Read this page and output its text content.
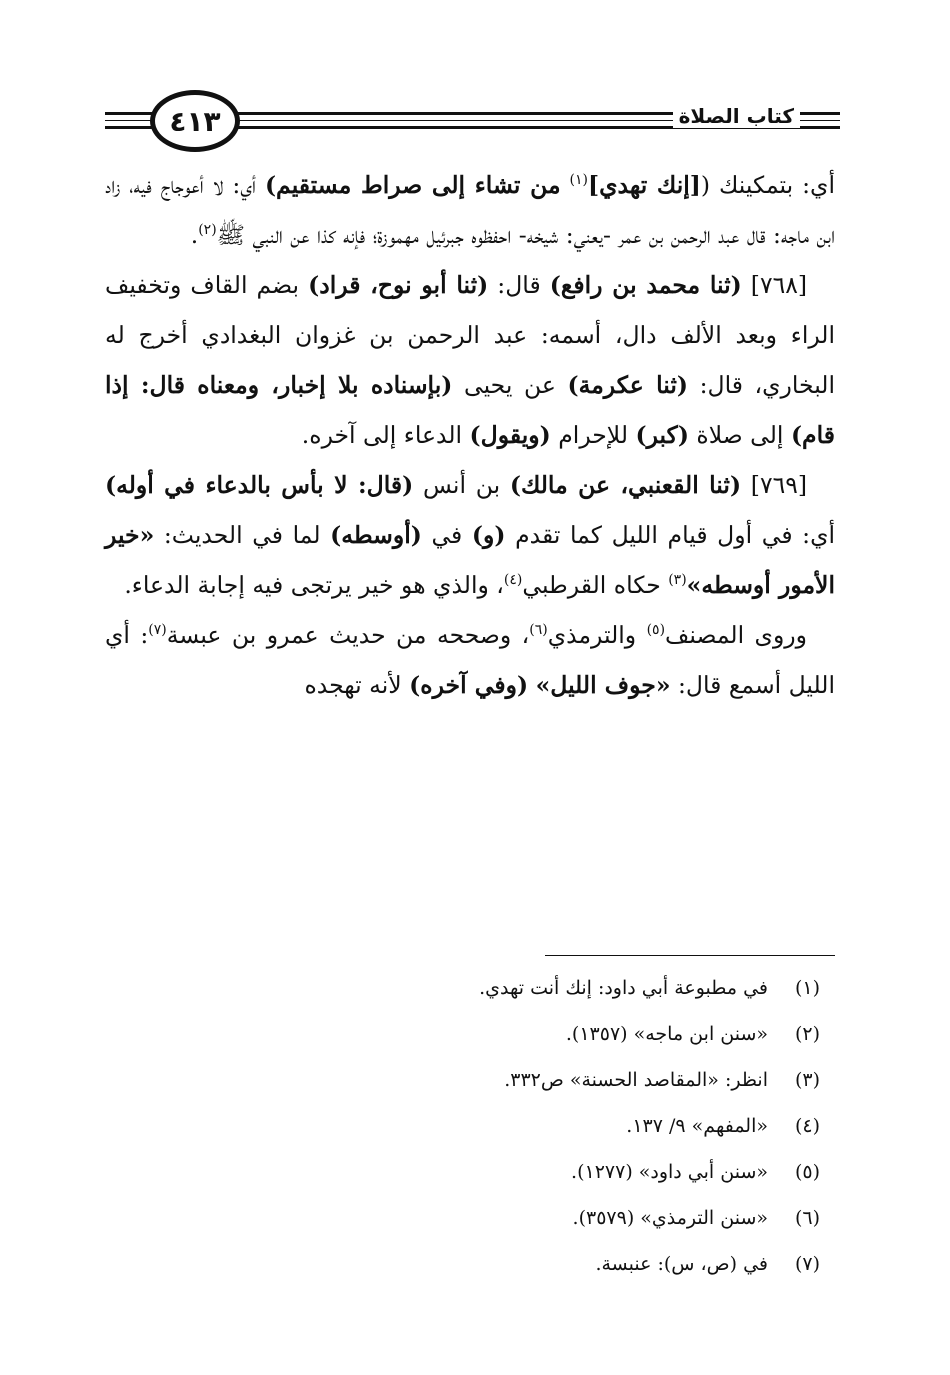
٤١٣	كتاب الصلاة

أي: بتمكينك ([إنك تهدي]$^{(١)}$ من تشاء إلى صراط مستقيم) أي: لا أعوجاج فيه، زاد ابن ماجه: قال عبد الرحمن بن عمر -يعني: شيخه- احفظوه جبرئيل مهموزة؛ فإنه كذا عن النبي ﷺ$^{(٢)}$.

[٧٦٨] (ثنا محمد بن رافع) قال: (ثنا أبو نوح، قراد) بضم القاف وتخفيف الراء وبعد الألف دال، أسمه: عبد الرحمن بن غزوان البغدادي أخرج له البخاري، قال: (ثنا عكرمة) عن يحيى (بإسناده بلا إخبار، ومعناه قال: إذا قام) إلى صلاة (كبر) للإحرام (ويقول) الدعاء إلى آخره.

[٧٦٩] (ثنا القعنبي، عن مالك) بن أنس (قال: لا بأس بالدعاء في أوله) أي: في أول قيام الليل كما تقدم (و) في (أوسطه) لما في الحديث: «خير الأمور أوسطه»$^{(٣)}$ حكاه القرطبي$^{(٤)}$، والذي هو خير يرتجى فيه إجابة الدعاء.

وروى المصنف$^{(٥)}$ والترمذي$^{(٦)}$، وصححه من حديث عمرو بن عبسة$^{(٧)}$: أي الليل أسمع قال: «جوف الليل» (وفي آخره) لأنه تهجده

(١)
في مطبوعة أبي داود: إنك أنت تهدي.
(٢)
«سنن ابن ماجه» (١٣٥٧).
(٣)
انظر: «المقاصد الحسنة» ص٣٣٢.
(٤)
«المفهم» ٩/ ١٣٧.
(٥)
«سنن أبي داود» (١٢٧٧).
(٦)
«سنن الترمذي» (٣٥٧٩).
(٧)
في (ص، س): عنبسة.
